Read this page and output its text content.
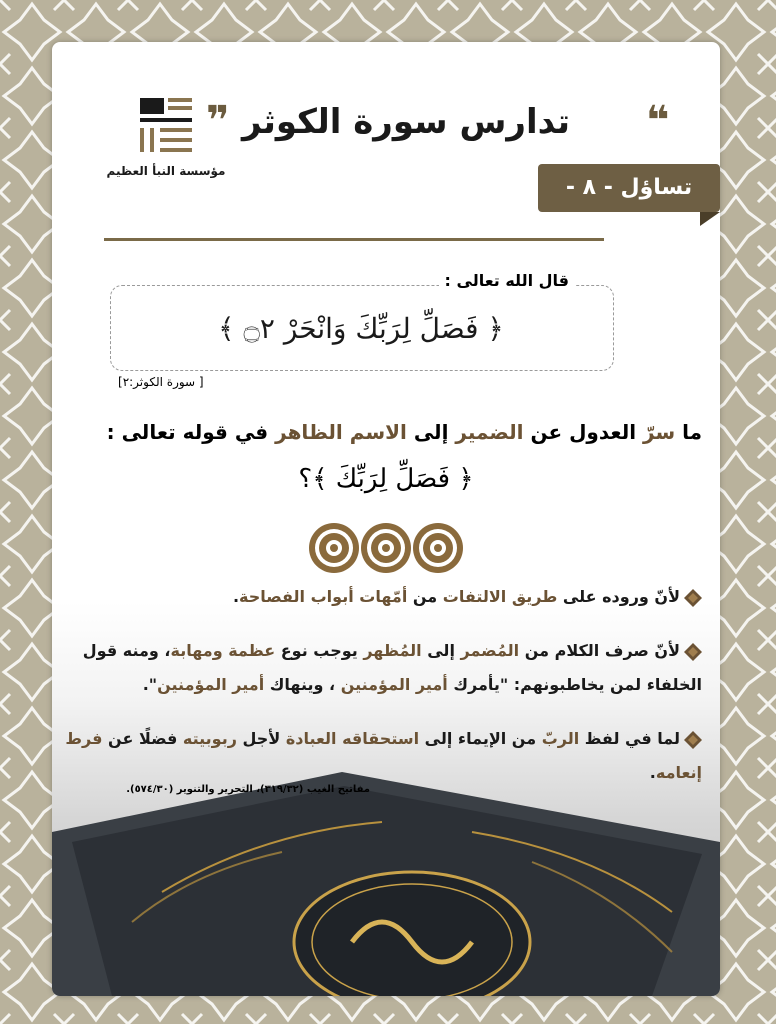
❝
تدارس سورة الكوثر
❞
مؤسسة النبأ العظيم
قال الله تعالى :
﴿ فَصَلِّ لِرَبِّكَ وَانْحَرْ ۝٢ ﴾
[ سورة الكوثر:٢]
ما سرّ العدول عن الضمير إلى الاسم الظاهر في قوله تعالى :
﴿ فَصَلِّ لِرَبِّكَ ﴾؟
لأنّ وروده على طريق الالتفات من أمّهات أبواب الفصاحة.
لأنّ صرف الكلام من المُضمر إلى المُظهر يوجب نوع عظمة ومهابة، ومنه قول الخلفاء لمن يخاطبونهم: "يأمرك أمير المؤمنين ، وينهاك أمير المؤمنين".
لما في لفظ الربّ من الإيماء إلى استحقاقه العبادة لأجل ربوبيته فضلًا عن فرط إنعامه.
مفاتيح الغيب (٣١٩/٣٢)، التحرير والتنوير (٥٧٤/٣٠).
تساؤل - ٨ -
